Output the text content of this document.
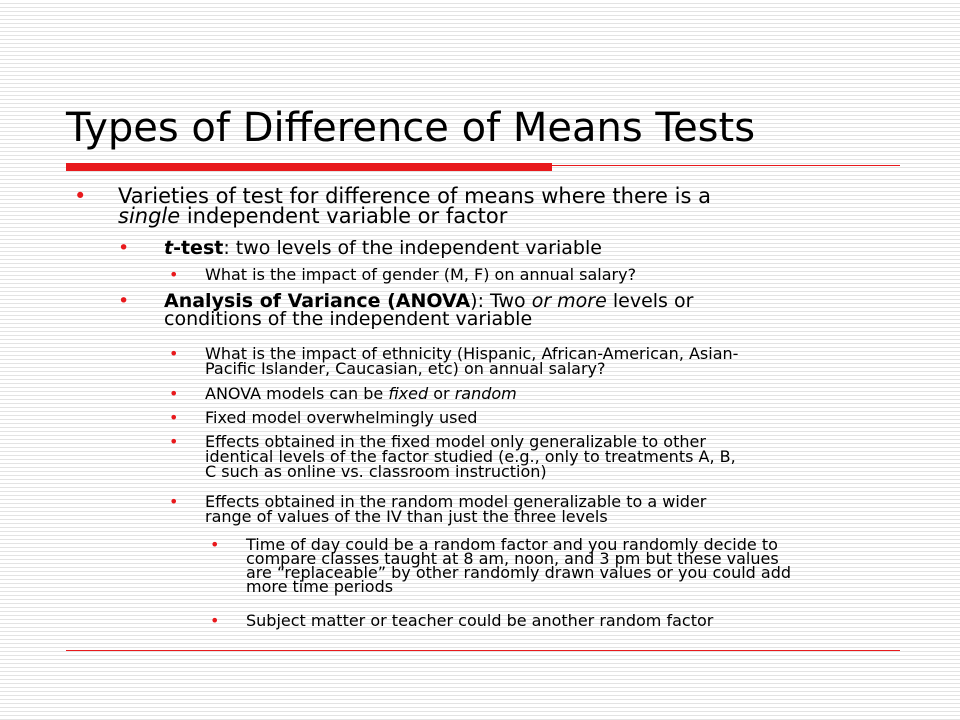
Types of Difference of Means Tests
• Varieties of test for difference of means where there is a
single independent variable or factor
• t-test: two levels of the independent variable
• What is the impact of gender (M, F) on annual salary?
• Analysis of Variance (ANOVA): Two or more levels or
conditions of the independent variable
• What is the impact of ethnicity (Hispanic, African-American, Asian-
Pacific Islander, Caucasian, etc) on annual salary?
• ANOVA models can be fixed or random
• Fixed model overwhelmingly used
• Effects obtained in the fixed model only generalizable to other
identical levels of the factor studied (e.g., only to treatments A, B,
C such as online vs. classroom instruction)
• Effects obtained in the random model generalizable to a wider
range of values of the IV than just the three levels
• Time of day could be a random factor and you randomly decide to
compare classes taught at 8 am, noon, and 3 pm but these values
are “replaceable” by other randomly drawn values or you could add
more time periods
• Subject matter or teacher could be another random factor
